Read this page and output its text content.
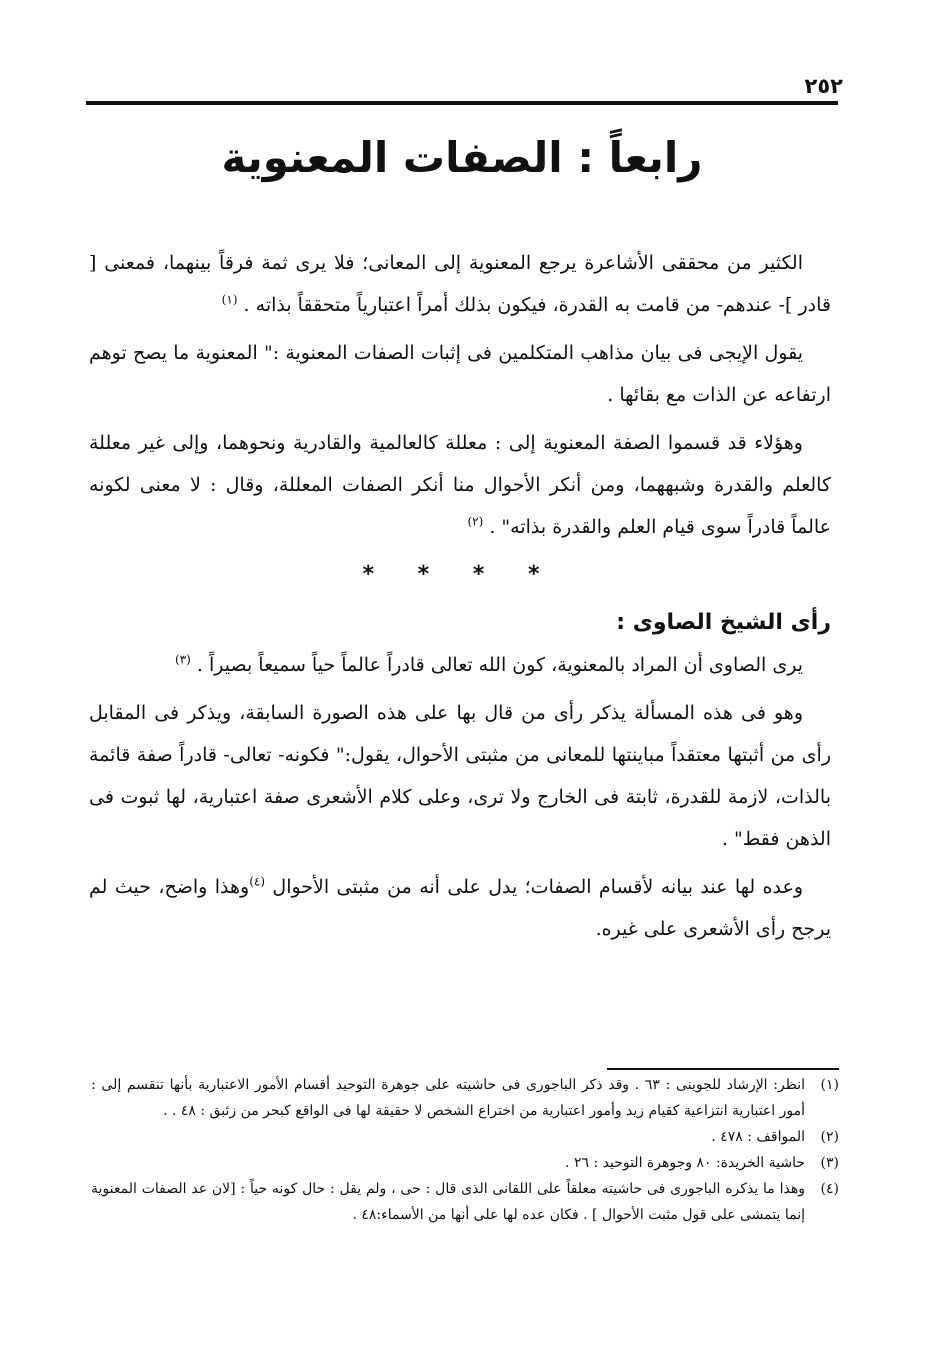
٢٥٢
رابعاً : الصفات المعنوية

الكثير من محققى الأشاعرة يرجع المعنوية إلى المعانى؛ فلا يرى ثمة فرقاً بينهما، فمعنى [ قادر ]- عندهم- من قامت به القدرة، فيكون بذلك أمراً اعتبارياً متحققاً بذاته . $^{(١)}$

يقول الإيجى فى بيان مذاهب المتكلمين فى إثبات الصفات المعنوية :" المعنوية ما يصح توهم ارتفاعه عن الذات مع بقائها .

وهؤلاء قد قسموا الصفة المعنوية إلى : معللة كالعالمية والقادرية ونحوهما، وإلى غير معللة كالعلم والقدرة وشبههما، ومن أنكر الأحوال منا أنكر الصفات المعللة، وقال : لا معنى لكونه عالماً قادراً سوى قيام العلم والقدرة بذاته" . $^{(٢)}$

* * * *
رأى الشيخ الصاوى :

يرى الصاوى أن المراد بالمعنوية، كون الله تعالى قادراً عالماً حياً سميعاً بصيراً . $^{(٣)}$

وهو فى هذه المسألة يذكر رأى من قال بها على هذه الصورة السابقة، ويذكر فى المقابل رأى من أثبتها معتقداً مباينتها للمعانى من مثبتى الأحوال، يقول:" فكونه- تعالى- قادراً صفة قائمة بالذات، لازمة للقدرة، ثابتة فى الخارج ولا ترى، وعلى كلام الأشعرى صفة اعتبارية، لها ثبوت فى الذهن فقط" .

وعده لها عند بيانه لأقسام الصفات؛ يدل على أنه من مثبتى الأحوال $^{(٤)}$وهذا واضح، حيث لم يرجح رأى الأشعرى على غيره.

(١)
انظر: الإرشاد للجوينى : ٦٣ . وقد ذكر الباجورى فى حاشيته على جوهرة التوحيد أقسام الأمور الاعتبارية بأنها تنقسم إلى : أمور اعتبارية انتزاعية كقيام زيد وأمور اعتبارية من اختراع الشخص لا حقيقة لها فى الواقع كبحر من زئبق : ٤٨ . .

(٢)
المواقف : ٤٧٨ .

(٣)
حاشية الخريدة: ٨٠ وجوهرة التوحيد : ٢٦ .

(٤)
وهذا ما يذكره الباجورى فى حاشيته معلقاً على اللقانى الذى قال : حى ، ولم يقل : حال كونه حياً : [لان عد الصفات المعنوية إنما يتمشى على قول مثبت الأحوال ] . فكان عده لها على أنها من الأسماء:٤٨ .
